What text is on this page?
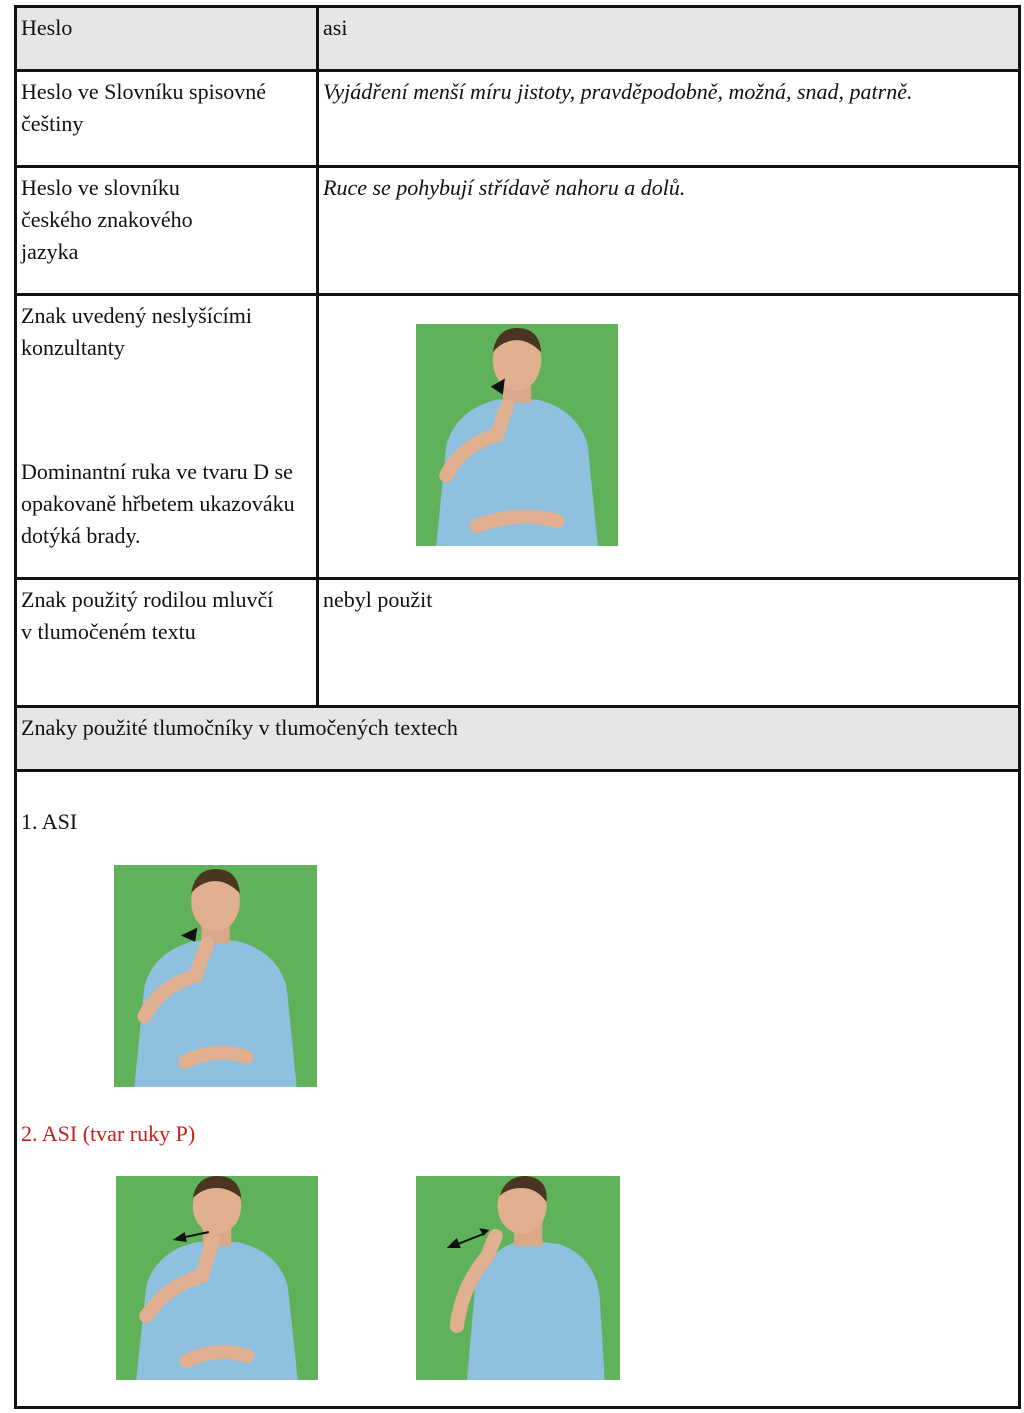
Heslo	asi
Heslo ve Slovníku spisovné češtiny
Vyjádření menší míru jistoty, pravděpodobně, možná, snad, patrně.
Heslo ve slovníku českého znakového jazyka
Ruce se pohybují střídavě nahoru a dolů.
Znak uvedený neslyšícími konzultanty
Dominantní ruka ve tvaru D se opakovaně hřbetem ukazováku dotýká brady.
Znak použitý rodilou mluvčí v tlumočeném textu
nebyl použit
Znaky použité tlumočníky v tlumočených textech
1. ASI
2. ASI (tvar ruky P)
